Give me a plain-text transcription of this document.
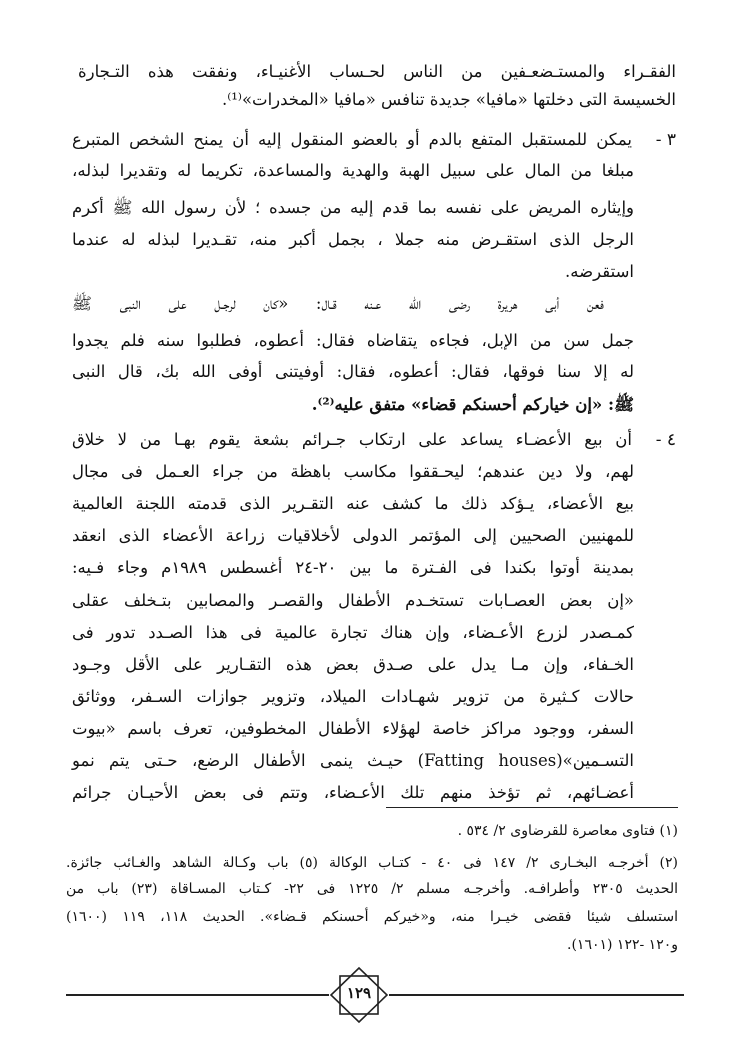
الفقـراء والمستـضعـفين من الناس لحـساب الأغنيـاء، ونفقت هذه التـجارة
الخسيسة التى دخلتها «مافيا» جديدة تنافس «مافيا «المخدرات»⁽¹⁾.
٣ -
يمكن للمستقبل المتفع بالدم أو بالعضو المنقول إليه أن يمنح الشخص المتبرع
مبلغا من المال على سبيل الهبة والهدية والمساعدة، تكريما له وتقديرا لبذله،
وإيثاره المريض على نفسه بما قدم إليه من جسده ؛ لأن رسول الله ﷺ أكرم
الرجل الذى استقـرض منه جملا ، بجمل أكبر منه، تقـديرا لبذله له عندما
استقرضه.
فعن أبى هريرة رضى الله عـنه قـال: «كان لرجـل على النبى ﷺ
جمل سن من الإبل، فجاءه يتقاضاه فقال: أعطوه، فطلبوا سنه فلم يجدوا
له إلا سنا فوقها، فقال: أعطوه، فقال: أوفيتنى أوفى الله بك، قال النبى
ﷺ: «إن خياركم أحسنكم قضاء» متفق عليه⁽²⁾.
٤ -
أن بيع الأعضـاء يساعد على ارتكاب جـرائم بشعة يقوم بهـا من لا خلاق
لهم، ولا دين عندهم؛ ليحـققوا مكاسب باهظة من جراء العـمل فى مجال
بيع الأعضاء، يـؤكد ذلك ما كشف عنه التقـرير الذى قدمته اللجنة العالمية
للمهنيين الصحيين إلى المؤتمر الدولى لأخلاقيات زراعة الأعضاء الذى انعقد
بمدينة أوتوا بكندا فى الفـترة ما بين ٢٠-٢٤ أغسطس ١٩٨٩م وجاء فـيه:
«إن بعض العصـابات تستخـدم الأطفال والقصـر والمصابين بتـخلف عقلى
كمـصدر لزرع الأعـضاء، وإن هناك تجارة عالمية فى هذا الصـدد تدور فى
الخـفاء، وإن مـا يدل على صـدق بعض هذه التقـارير على الأقل وجـود
حالات كـثيرة من تزوير شهـادات الميلاد، وتزوير جوازات السـفر، ووثائق
السفر، ووجود مراكز خاصة لهؤلاء الأطفال المخطوفين، تعرف باسم «بيوت
التسـمين»(Fatting houses) حيـث ينمى الأطفال الرضع، حـتى يتم نمو
أعضـائهم، ثم تؤخذ منهم تلك الأعـضاء، وتتم فى بعض الأحيـان جرائم
(١) فتاوى معاصرة للقرضاوى ٢/ ٥٣٤ .
(٢) أخرجـه البخـارى ٢/ ١٤٧ فى ٤٠ - كتـاب الوكالة (٥) باب وكـالة الشاهد والغـائب جائزة.
الحديث ٢٣٠٥ وأطرافـه. وأخرجـه مسلم ٢/ ١٢٢٥ فى ٢٢- كـتاب المسـاقاة (٢٣) باب من
استسلف شيئا فقضى خيـرا منه، و«خيركم أحسنكم قـضاء». الحديث ١١٨، ١١٩ (١٦٠٠)
و١٢٠ -١٢٢ (١٦٠١).
١٢٩
